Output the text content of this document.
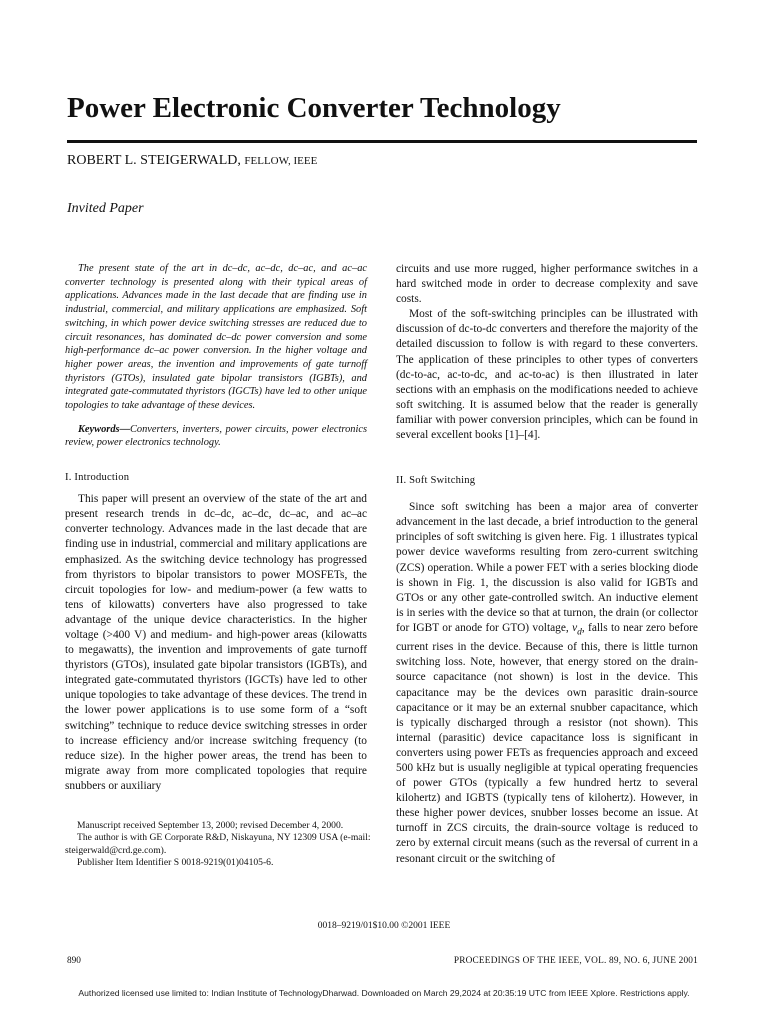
Power Electronic Converter Technology
ROBERT L. STEIGERWALD, FELLOW, IEEE
Invited Paper

The present state of the art in dc–dc, ac–dc, dc–ac, and ac–ac converter technology is presented along with their typical areas of applications. Advances made in the last decade that are finding use in industrial, commercial, and military applications are emphasized. Soft switching, in which power device switching stresses are reduced due to circuit resonances, has dominated dc–dc power conversion and some high-performance dc–ac power conversion. In the higher voltage and higher power areas, the invention and improvements of gate turnoff thyristors (GTOs), insulated gate bipolar transistors (IGBTs), and integrated gate-commutated thyristors (IGCTs) have led to other unique topologies to take advantage of these devices.

Keywords—Converters, inverters, power circuits, power electronics review, power electronics technology.

I. Introduction

This paper will present an overview of the state of the art and present research trends in dc–dc, ac–dc, dc–ac, and ac–ac converter technology. Advances made in the last decade that are finding use in industrial, commercial and military applications are emphasized. As the switching device technology has progressed from thyristors to bipolar transistors to power MOSFETs, the circuit topologies for low- and medium-power (a few watts to tens of kilowatts) converters have also progressed to take advantage of the unique device characteristics. In the higher voltage (>400 V) and medium- and high-power areas (kilowatts to megawatts), the invention and improvements of gate turnoff thyristors (GTOs), insulated gate bipolar transistors (IGBTs), and integrated gate-commutated thyristors (IGCTs) have led to other unique topologies to take advantage of these devices. The trend in the lower power applications is to use some form of a “soft switching” technique to reduce device switching stresses in order to increase efficiency and/or increase switching frequency (to reduce size). In the higher power areas, the trend has been to migrate away from more complicated topologies that require snubbers or auxiliary

circuits and use more rugged, higher performance switches in a hard switched mode in order to decrease complexity and save costs.

Most of the soft-switching principles can be illustrated with discussion of dc-to-dc converters and therefore the majority of the detailed discussion to follow is with regard to these converters. The application of these principles to other types of converters (dc-to-ac, ac-to-dc, and ac-to-ac) is then illustrated in later sections with an emphasis on the modifications needed to achieve soft switching. It is assumed below that the reader is generally familiar with power conversion principles, which can be found in several excellent books [1]–[4].

II. Soft Switching

Since soft switching has been a major area of converter advancement in the last decade, a brief introduction to the general principles of soft switching is given here. Fig. 1 illustrates typical power device waveforms resulting from zero-current switching (ZCS) operation. While a power FET with a series blocking diode is shown in Fig. 1, the discussion is also valid for IGBTs and GTOs or any other gate-controlled switch. An inductive element is in series with the device so that at turnon, the drain (or collector for IGBT or anode for GTO) voltage, $v_d$, falls to near zero before current rises in the device. Because of this, there is little turnon switching loss. Note, however, that energy stored on the drain-source capacitance (not shown) is lost in the device. This capacitance may be the devices own parasitic drain-source capacitance or it may be an external snubber capacitance, which is typically discharged through a resistor (not shown). This internal (parasitic) device capacitance loss is significant in converters using power FETs as frequencies approach and exceed 500 kHz but is usually negligible at typical operating frequencies of power GTOs (typically a few hundred hertz to several kilohertz) and IGBTS (typically tens of kilohertz). However, in these higher power devices, snubber losses become an issue. At turnoff in ZCS circuits, the drain-source voltage is reduced to zero by external circuit means (such as the reversal of current in a resonant circuit or the switching of

Manuscript received September 13, 2000; revised December 4, 2000.

The author is with GE Corporate R&D, Niskayuna, NY 12309 USA (e-mail: steigerwald@crd.ge.com).

Publisher Item Identifier S 0018-9219(01)04105-6.

0018–9219/01$10.00 ©2001 IEEE
890	PROCEEDINGS OF THE IEEE, VOL. 89, NO. 6, JUNE 2001
Authorized licensed use limited to: Indian Institute of TechnologyDharwad. Downloaded on March 29,2024 at 20:35:19 UTC from IEEE Xplore. Restrictions apply.
